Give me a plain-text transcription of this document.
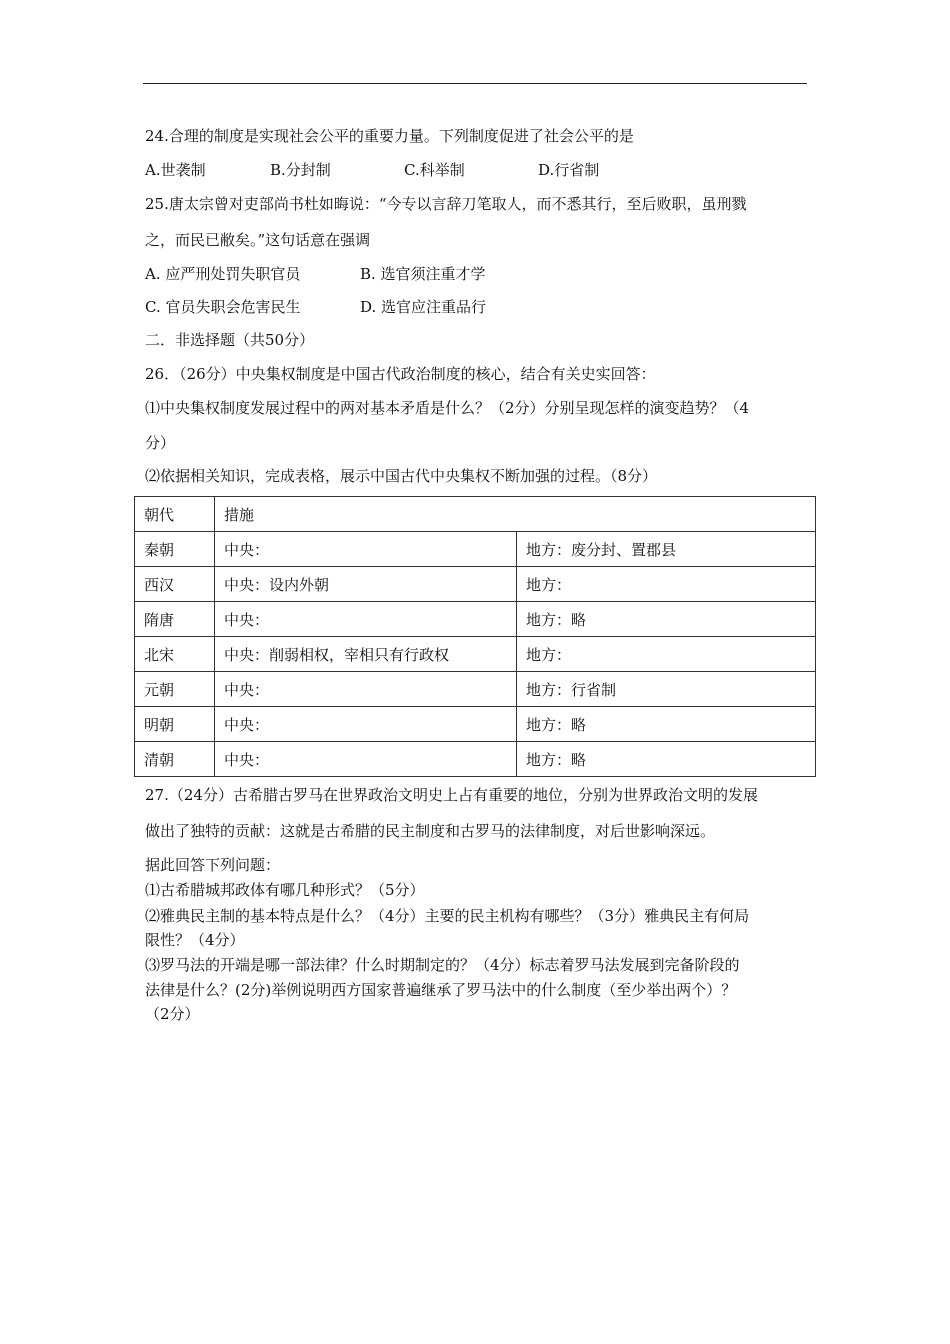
24.合理的制度是实现社会公平的重要力量。下列制度促进了社会公平的是
A.世袭制	B.分封制	C.科举制	D.行省制
25.唐太宗曾对吏部尚书杜如晦说：“今专以言辞刀笔取人，而不悉其行，至后败职，虽刑戮
之，而民已敝矣。”这句话意在强调
A. 应严刑处罚失职官员	B. 选官须注重才学
C. 官员失职会危害民生	D. 选官应注重品行
二．非选择题（共50分）
26．（26分）中央集权制度是中国古代政治制度的核心，结合有关史实回答：
⑴中央集权制度发展过程中的两对基本矛盾是什么？（2分）分别呈现怎样的演变趋势？（4
分）
⑵依据相关知识，完成表格，展示中国古代中央集权不断加强的过程。（8分）
朝代	措施	
秦朝	中央：	地方：废分封、置郡县
西汉	中央：设内外朝	地方：
隋唐	中央：	地方：略
北宋	中央：削弱相权，宰相只有行政权	地方：
元朝	中央：	地方：行省制
明朝	中央：	地方：略
清朝	中央：	地方：略
27.（24分）古希腊古罗马在世界政治文明史上占有重要的地位，分别为世界政治文明的发展
做出了独特的贡献：这就是古希腊的民主制度和古罗马的法律制度，对后世影响深远。
据此回答下列问题：
⑴古希腊城邦政体有哪几种形式？（5分）
⑵雅典民主制的基本特点是什么？（4分）主要的民主机构有哪些？（3分）雅典民主有何局
限性？（4分）
⑶罗马法的开端是哪一部法律？什么时期制定的？（4分）标志着罗马法发展到完备阶段的
法律是什么？(2分)举例说明西方国家普遍继承了罗马法中的什么制度（至少举出两个）？
（2分）
